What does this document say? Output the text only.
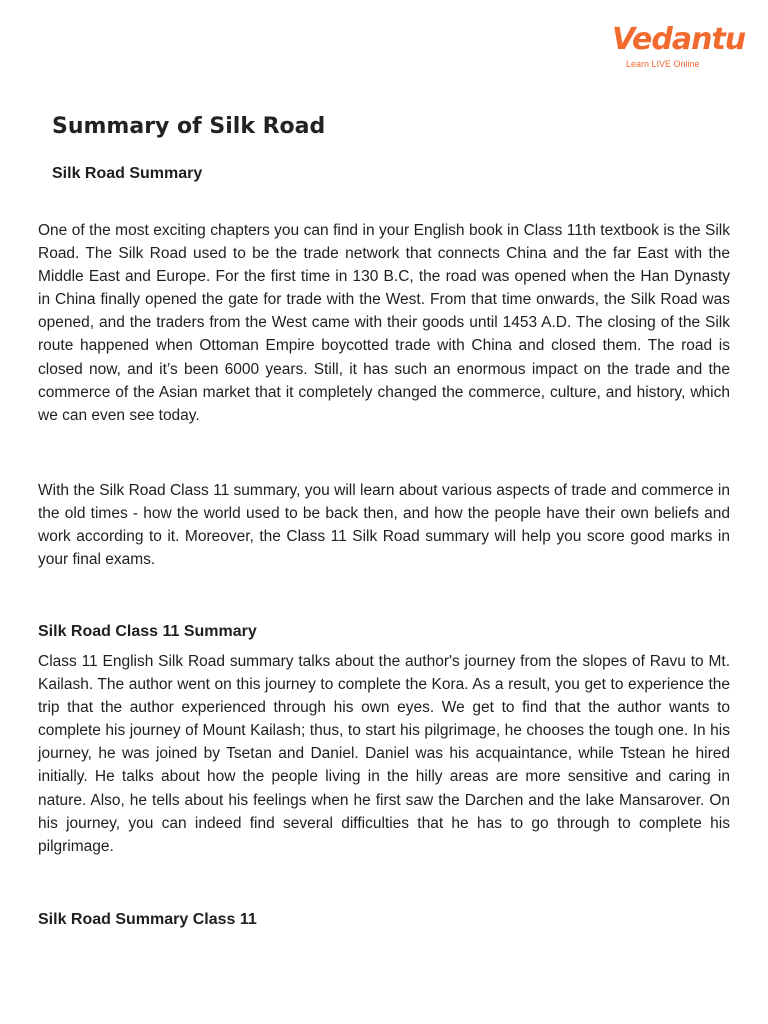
Vedantu
Learn LIVE Online
Summary of Silk Road
Silk Road Summary

One of the most exciting chapters you can find in your English book in Class 11th textbook is the Silk Road. The Silk Road used to be the trade network that connects China and the far East with the Middle East and Europe. For the first time in 130 B.C, the road was opened when the Han Dynasty in China finally opened the gate for trade with the West. From that time onwards, the Silk Road was opened, and the traders from the West came with their goods until 1453 A.D. The closing of the Silk route happened when Ottoman Empire boycotted trade with China and closed them. The road is closed now, and it’s been 6000 years. Still, it has such an enormous impact on the trade and the commerce of the Asian market that it completely changed the commerce, culture, and history, which we can even see today.

With the Silk Road Class 11 summary, you will learn about various aspects of trade and commerce in the old times - how the world used to be back then, and how the people have their own beliefs and work according to it. Moreover, the Class 11 Silk Road summary will help you score good marks in your final exams.

Silk Road Class 11 Summary

Class 11 English Silk Road summary talks about the author's journey from the slopes of Ravu to Mt. Kailash. The author went on this journey to complete the Kora. As a result, you get to experience the trip that the author experienced through his own eyes. We get to find that the author wants to complete his journey of Mount Kailash; thus, to start his pilgrimage, he chooses the tough one. In his journey, he was joined by Tsetan and Daniel. Daniel was his acquaintance, while Tstean he hired initially. He talks about how the people living in the hilly areas are more sensitive and caring in nature. Also, he tells about his feelings when he first saw the Darchen and the lake Mansarover. On his journey, you can indeed find several difficulties that he has to go through to complete his pilgrimage.

Silk Road Summary Class 11
